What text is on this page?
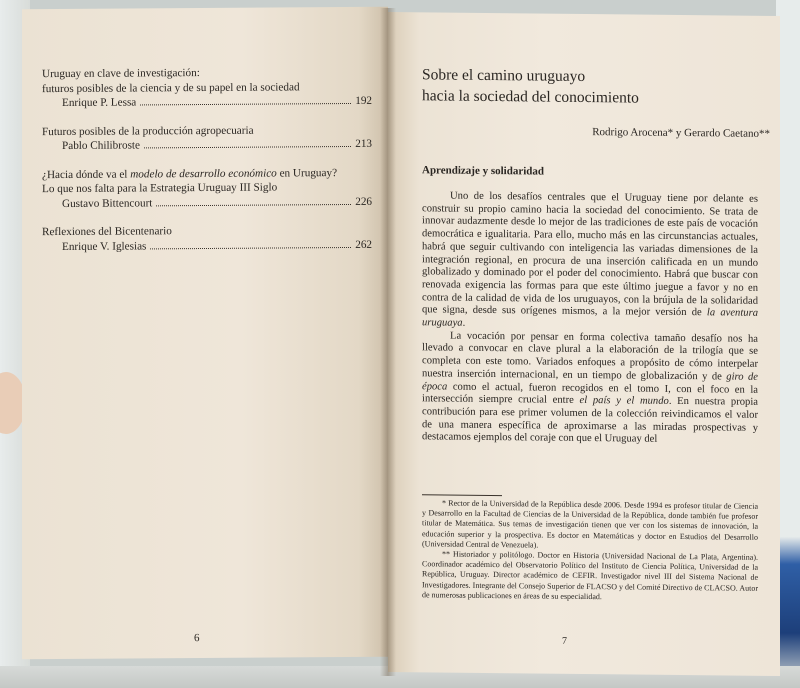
Uruguay en clave de investigación:
futuros posibles de la ciencia y de su papel en la sociedad
Enrique P. Lessa	192
Futuros posibles de la producción agropecuaria
Pablo Chilibroste	213
¿Hacia dónde va el modelo de desarrollo económico en Uruguay?
Lo que nos falta para la Estrategia Uruguay III Siglo
Gustavo Bittencourt	226
Reflexiones del Bicentenario
Enrique V. Iglesias	262
6
Sobre el camino uruguayo
hacia la sociedad del conocimiento
Rodrigo Arocena* y Gerardo Caetano**
Aprendizaje y solidaridad

Uno de los desafíos centrales que el Uruguay tiene por delante es construir su propio camino hacia la sociedad del conocimiento. Se trata de innovar audazmente desde lo mejor de las tradiciones de este país de vocación democrática e igualitaria. Para ello, mucho más en las circunstancias actuales, habrá que seguir cultivando con inteligencia las variadas dimensiones de la integración regional, en procura de una inserción calificada en un mundo globalizado y dominado por el poder del conocimiento. Habrá que buscar con renovada exigencia las formas para que este último juegue a favor y no en contra de la calidad de vida de los uruguayos, con la brújula de la solidaridad que signa, desde sus orígenes mismos, a la mejor versión de la aventura uruguaya.

La vocación por pensar en forma colectiva tamaño desafío nos ha llevado a convocar en clave plural a la elaboración de la trilogía que se completa con este tomo. Variados enfoques a propósito de cómo interpelar nuestra inserción internacional, en un tiempo de globalización y de giro de época como el actual, fueron recogidos en el tomo I, con el foco en la intersección siempre crucial entre el país y el mundo. En nuestra propia contribución para ese primer volumen de la colección reivindicamos el valor de una manera específica de aproximarse a las miradas prospectivas y destacamos ejemplos del coraje con que el Uruguay del

* Rector de la Universidad de la República desde 2006. Desde 1994 es profesor titular de Ciencia y Desarrollo en la Facultad de Ciencias de la Universidad de la República, donde también fue profesor titular de Matemática. Sus temas de investigación tienen que ver con los sistemas de innovación, la educación superior y la prospectiva. Es doctor en Matemáticas y doctor en Estudios del Desarrollo (Universidad Central de Venezuela).

** Historiador y politólogo. Doctor en Historia (Universidad Nacional de La Plata, Argentina). Coordinador académico del Observatorio Político del Instituto de Ciencia Política, Universidad de la República, Uruguay. Director académico de CEFIR. Investigador nivel III del Sistema Nacional de Investigadores. Integrante del Consejo Superior de FLACSO y del Comité Directivo de CLACSO. Autor de numerosas publicaciones en áreas de su especialidad.

7
